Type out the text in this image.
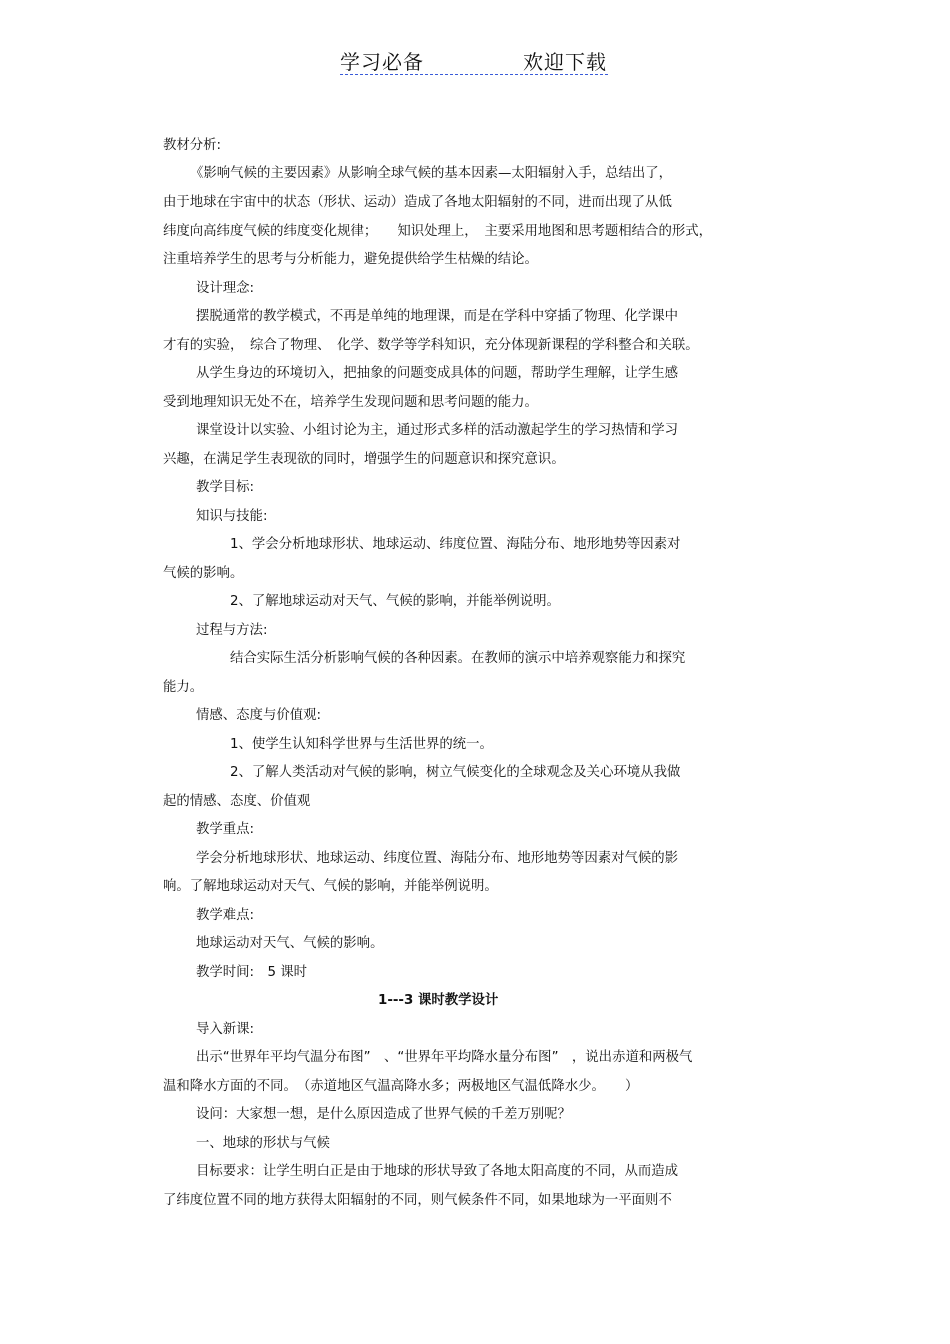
学习必备	欢迎下载
教材分析:
《影响气候的主要因素》从影响全球气候的基本因素—太阳辐射入手，总结出了，
由于地球在宇宙中的状态（形状、运动）造成了各地太阳辐射的不同，进而出现了从低
纬度向高纬度气候的纬度变化规律；　　知识处理上，　主要采用地图和思考题相结合的形式，
注重培养学生的思考与分析能力，避免提供给学生枯燥的结论。
设计理念:
摆脱通常的教学模式，不再是单纯的地理课，而是在学科中穿插了物理、化学课中
才有的实验，　综合了物理、　化学、数学等学科知识，充分体现新课程的学科整合和关联。
从学生身边的环境切入，把抽象的问题变成具体的问题，帮助学生理解，让学生感
受到地理知识无处不在，培养学生发现问题和思考问题的能力。
课堂设计以实验、小组讨论为主，通过形式多样的活动激起学生的学习热情和学习
兴趣，在满足学生表现欲的同时，增强学生的问题意识和探究意识。
教学目标:
知识与技能:
1、学会分析地球形状、地球运动、纬度位置、海陆分布、地形地势等因素对
气候的影响。
2、了解地球运动对天气、气候的影响，并能举例说明。
过程与方法:
结合实际生活分析影响气候的各种因素。在教师的演示中培养观察能力和探究
能力。
情感、态度与价值观:
1、使学生认知科学世界与生活世界的统一。
2、了解人类活动对气候的影响，树立气候变化的全球观念及关心环境从我做
起的情感、态度、价值观
教学重点:
学会分析地球形状、地球运动、纬度位置、海陆分布、地形地势等因素对气候的影
响。了解地球运动对天气、气候的影响，并能举例说明。
教学难点:
地球运动对天气、气候的影响。
教学时间:　5 课时
1---3 课时教学设计
导入新课:
出示“世界年平均气温分布图”　、“世界年平均降水量分布图”　，说出赤道和两极气
温和降水方面的不同。　（赤道地区气温高降水多；两极地区气温低降水少。　　）
设问：大家想一想，是什么原因造成了世界气候的千差万别呢？
一、地球的形状与气候
目标要求：让学生明白正是由于地球的形状导致了各地太阳高度的不同，从而造成
了纬度位置不同的地方获得太阳辐射的不同，则气候条件不同，如果地球为一平面则不
